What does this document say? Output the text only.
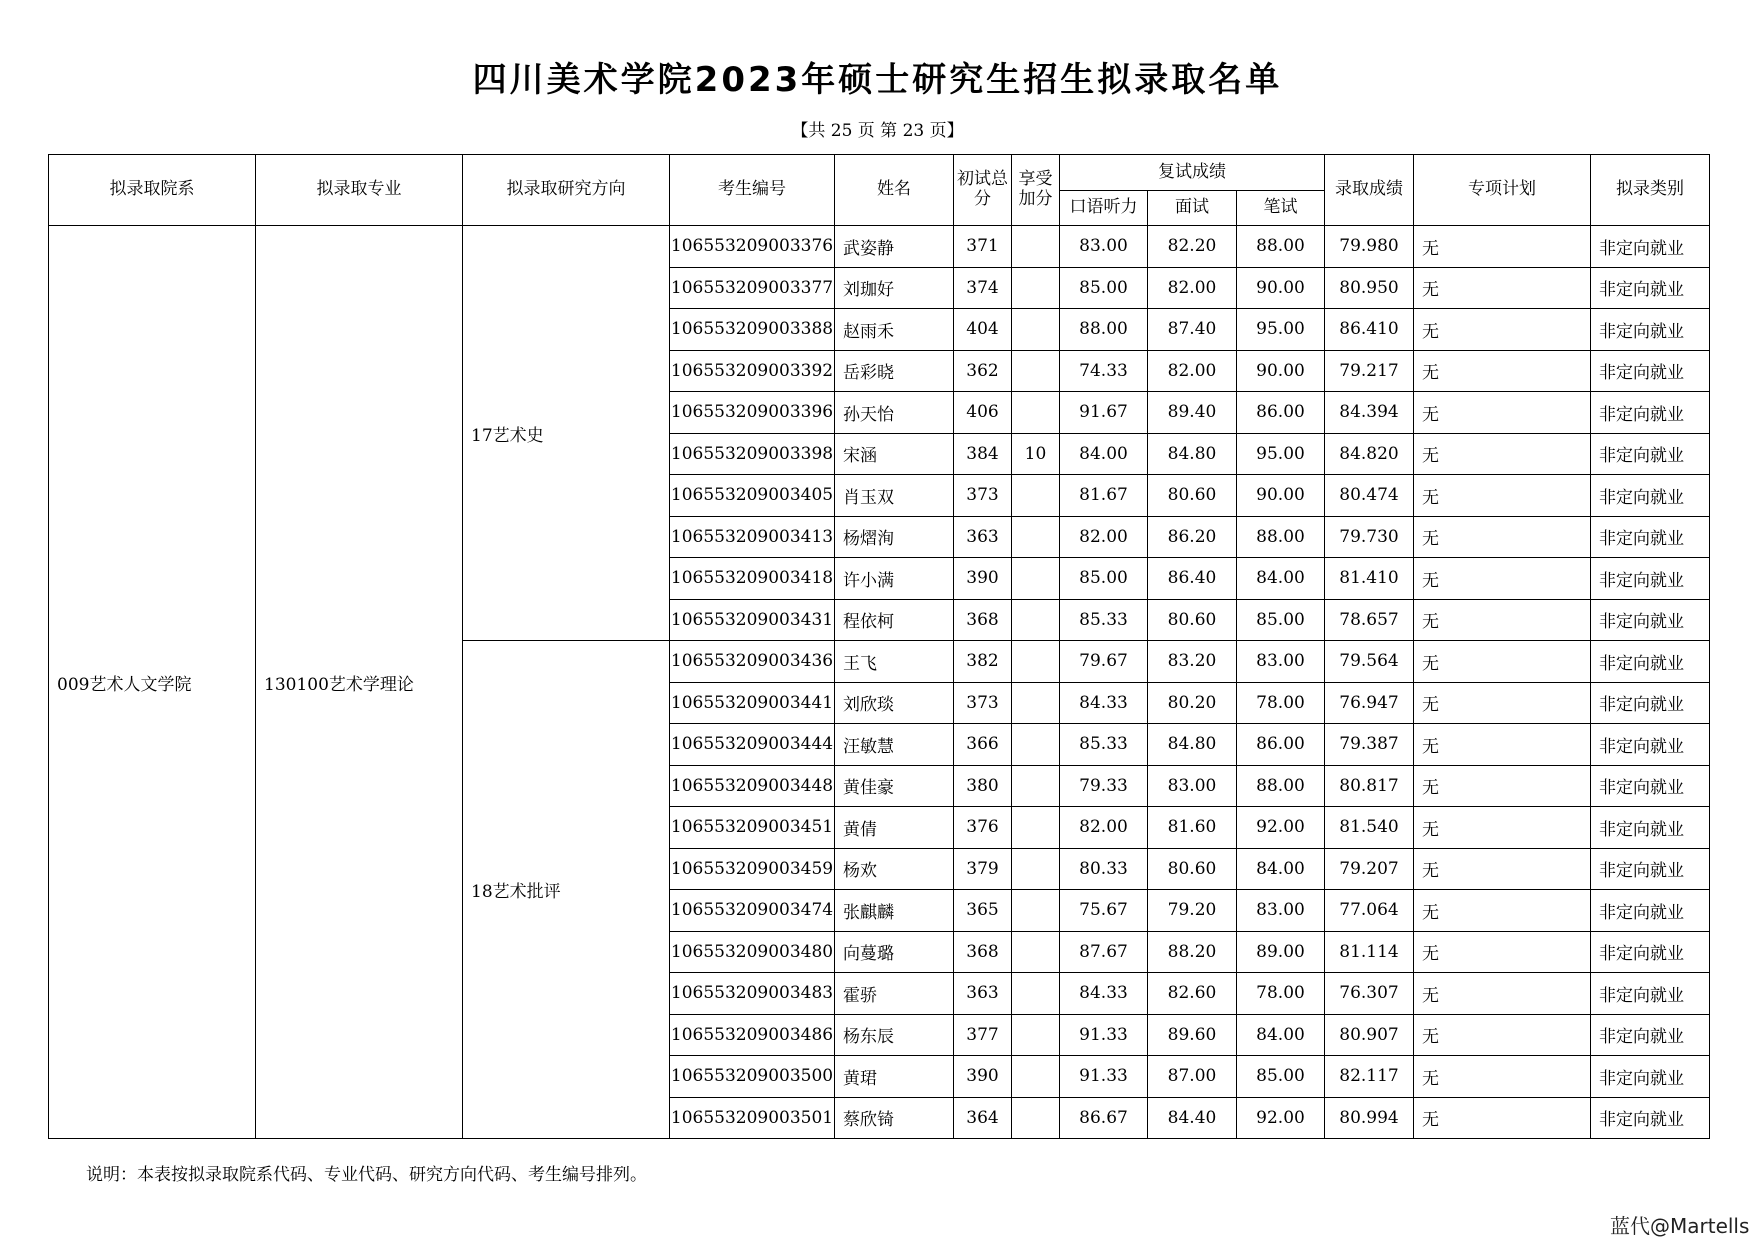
四川美术学院2023年硕士研究生招生拟录取名单
【共 25 页 第 23 页】
拟录取院系	拟录取专业	拟录取研究方向	考生编号	姓名	初试总分	享受加分	复试成绩			录取成绩	专项计划	拟录类别
							口语听力	面试	笔试			
009艺术人文学院	130100艺术学理论	17艺术史	106553209003376	武姿静	371		83.00	82.20	88.00	79.980	无	非定向就业
			106553209003377	刘珈好	374		85.00	82.00	90.00	80.950	无	非定向就业
			106553209003388	赵雨禾	404		88.00	87.40	95.00	86.410	无	非定向就业
			106553209003392	岳彩晓	362		74.33	82.00	90.00	79.217	无	非定向就业
			106553209003396	孙天怡	406		91.67	89.40	86.00	84.394	无	非定向就业
			106553209003398	宋涵	384	10	84.00	84.80	95.00	84.820	无	非定向就业
			106553209003405	肖玉双	373		81.67	80.60	90.00	80.474	无	非定向就业
			106553209003413	杨熠洵	363		82.00	86.20	88.00	79.730	无	非定向就业
			106553209003418	许小满	390		85.00	86.40	84.00	81.410	无	非定向就业
			106553209003431	程依柯	368		85.33	80.60	85.00	78.657	无	非定向就业
		18艺术批评	106553209003436	王飞	382		79.67	83.20	83.00	79.564	无	非定向就业
			106553209003441	刘欣琰	373		84.33	80.20	78.00	76.947	无	非定向就业
			106553209003444	汪敏慧	366		85.33	84.80	86.00	79.387	无	非定向就业
			106553209003448	黄佳豪	380		79.33	83.00	88.00	80.817	无	非定向就业
			106553209003451	黄倩	376		82.00	81.60	92.00	81.540	无	非定向就业
			106553209003459	杨欢	379		80.33	80.60	84.00	79.207	无	非定向就业
			106553209003474	张麒麟	365		75.67	79.20	83.00	77.064	无	非定向就业
			106553209003480	向蔓璐	368		87.67	88.20	89.00	81.114	无	非定向就业
			106553209003483	霍骄	363		84.33	82.60	78.00	76.307	无	非定向就业
			106553209003486	杨东辰	377		91.33	89.60	84.00	80.907	无	非定向就业
			106553209003500	黄珺	390		91.33	87.00	85.00	82.117	无	非定向就业
			106553209003501	蔡欣锜	364		86.67	84.40	92.00	80.994	无	非定向就业
说明：本表按拟录取院系代码、专业代码、研究方向代码、考生编号排列。
蓝代@Martells
